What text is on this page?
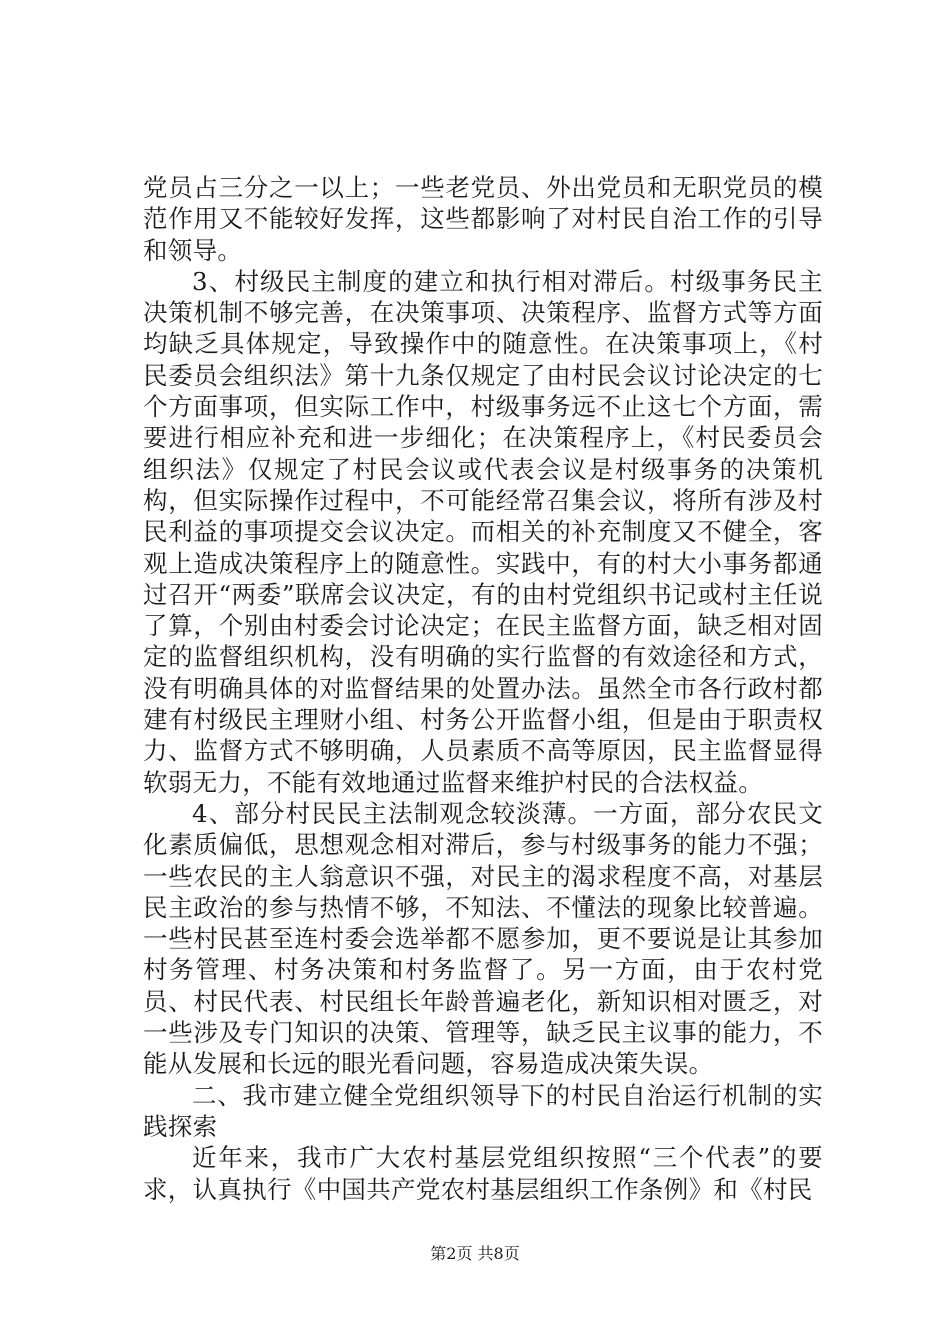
党员占三分之一以上；一些老党员、外出党员和无职党员的模范作用又不能较好发挥，这些都影响了对村民自治工作的引导和领导。

3、村级民主制度的建立和执行相对滞后。村级事务民主决策机制不够完善，在决策事项、决策程序、监督方式等方面均缺乏具体规定，导致操作中的随意性。在决策事项上，《村民委员会组织法》第十九条仅规定了由村民会议讨论决定的七个方面事项，但实际工作中，村级事务远不止这七个方面，需要进行相应补充和进一步细化；在决策程序上，《村民委员会组织法》仅规定了村民会议或代表会议是村级事务的决策机构，但实际操作过程中，不可能经常召集会议，将所有涉及村民利益的事项提交会议决定。而相关的补充制度又不健全，客观上造成决策程序上的随意性。实践中，有的村大小事务都通过召开“两委”联席会议决定，有的由村党组织书记或村主任说了算，个别由村委会讨论决定；在民主监督方面，缺乏相对固定的监督组织机构，没有明确的实行监督的有效途径和方式，没有明确具体的对监督结果的处置办法。虽然全市各行政村都建有村级民主理财小组、村务公开监督小组，但是由于职责权力、监督方式不够明确，人员素质不高等原因，民主监督显得软弱无力，不能有效地通过监督来维护村民的合法权益。

4、部分村民民主法制观念较淡薄。一方面，部分农民文化素质偏低，思想观念相对滞后，参与村级事务的能力不强；一些农民的主人翁意识不强，对民主的渴求程度不高，对基层民主政治的参与热情不够，不知法、不懂法的现象比较普遍。一些村民甚至连村委会选举都不愿参加，更不要说是让其参加村务管理、村务决策和村务监督了。另一方面，由于农村党员、村民代表、村民组长年龄普遍老化，新知识相对匮乏，对一些涉及专门知识的决策、管理等，缺乏民主议事的能力，不能从发展和长远的眼光看问题，容易造成决策失误。

二、我市建立健全党组织领导下的村民自治运行机制的实践探索

近年来，我市广大农村基层党组织按照“三个代表”的要求，认真执行《中国共产党农村基层组织工作条例》和《村民

第2页 共8页
